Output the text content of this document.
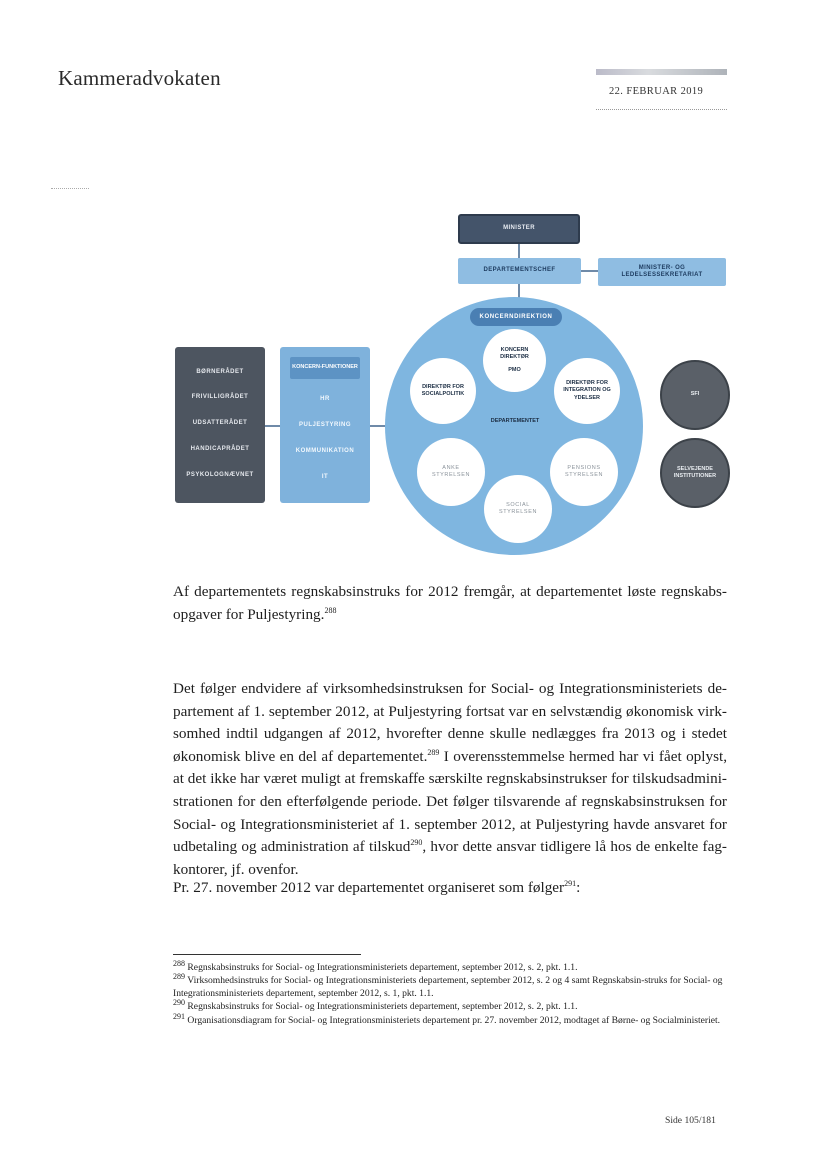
Kammeradvokaten
22. FEBRUAR 2019
MINISTER
DEPARTEMENTSCHEF	MINISTER- OG LEDELSESSEKRETARIAT
BØRNERÅDET
FRIVILLIGRÅDET
UDSATTERÅDET
HANDICAPRÅDET
PSYKOLOGNÆVNET
KONCERN-FUNKTIONER
HR
PULJESTYRING
KOMMUNIKATION
IT
KONCERNDIREKTION
KONCERN DIREKTØR
PMO
DIREKTØR FOR SOCIALPOLITIK
DIREKTØR FOR INTEGRATION OG YDELSER
DEPARTEMENTET
ANKE STYRELSEN
PENSIONS STYRELSEN
SOCIAL STYRELSEN
SFI
SELVEJENDE INSTITUTIONER

Af departementets regnskabsinstruks for 2012 fremgår, at departementet løste regnskabs-opgaver for Puljestyring.$^{288}$

Det følger endvidere af virksomhedsinstruksen for Social- og Integrationsministeriets de-partement af 1. september 2012, at Puljestyring fortsat var en selvstændig økonomisk virk-somhed indtil udgangen af 2012, hvorefter denne skulle nedlægges fra 2013 og i stedet økonomisk blive en del af departementet.$^{289}$ I overensstemmelse hermed har vi fået oplyst, at det ikke har været muligt at fremskaffe særskilte regnskabsinstrukser for tilskudsadmini-strationen for den efterfølgende periode. Det følger tilsvarende af regnskabsinstruksen for Social- og Integrationsministeriet af 1. september 2012, at Puljestyring havde ansvaret for udbetaling og administration af tilskud$^{290}$, hvor dette ansvar tidligere lå hos de enkelte fag-kontorer, jf. ovenfor.

Pr. 27. november 2012 var departementet organiseret som følger$^{291}$:

$^{288}$ Regnskabsinstruks for Social- og Integrationsministeriets departement, september 2012, s. 2, pkt. 1.1.
$^{289}$ Virksomhedsinstruks for Social- og Integrationsministeriets departement, september 2012, s. 2 og 4 samt Regnskabsin-struks for Social- og Integrationsministeriets departement, september 2012, s. 1, pkt. 1.1.
$^{290}$ Regnskabsinstruks for Social- og Integrationsministeriets departement, september 2012, s. 2, pkt. 1.1.
$^{291}$ Organisationsdiagram for Social- og Integrationsministeriets departement pr. 27. november 2012, modtaget af Børne- og Socialministeriet.
Side 105/181
